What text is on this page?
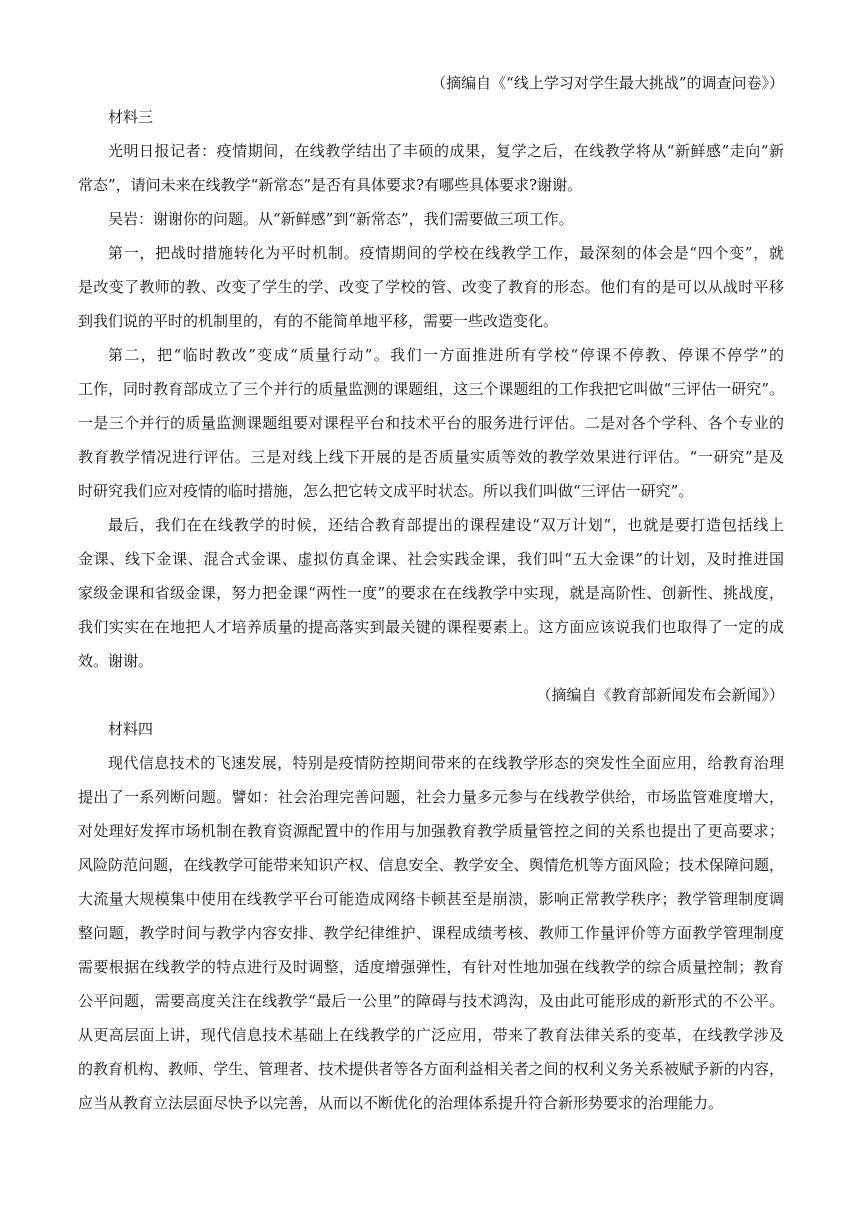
（摘编自《“线上学习对学生最大挑战”的调查问卷》）
材料三
光明日报记者：疫情期间，在线教学结出了丰硕的成果，复学之后，在线教学将从“新鲜感”走向“新
常态”，请问未来在线教学“新常态”是否有具体要求?有哪些具体要求?谢谢。
吴岩：谢谢你的问题。从“新鲜感”到“新常态”，我们需要做三项工作。
第一，把战时措施转化为平时机制。疫情期间的学校在线教学工作，最深刻的体会是“四个变”，就
是改变了教师的教、改变了学生的学、改变了学校的管、改变了教育的形态。他们有的是可以从战时平移
到我们说的平时的机制里的，有的不能简单地平移，需要一些改造变化。
第二，把“临时教改”变成“质量行动”。我们一方面推进所有学校“停课不停教、停课不停学”的
工作，同时教育部成立了三个并行的质量监测的课题组，这三个课题组的工作我把它叫做“三评估一研究”。
一是三个并行的质量监测课题组要对课程平台和技术平台的服务进行评估。二是对各个学科、各个专业的
教育教学情况进行评估。三是对线上线下开展的是否质量实质等效的教学效果进行评估。“一研究”是及
时研究我们应对疫情的临时措施，怎么把它转文成平时状态。所以我们叫做“三评估一研究”。
最后，我们在在线教学的时候，还结合教育部提出的课程建设“双万计划”，也就是要打造包括线上
金课、线下金课、混合式金课、虚拟仿真金课、社会实践金课，我们叫“五大金课”的计划，及时推进国
家级金课和省级金课，努力把金课“两性一度”的要求在在线教学中实现，就是高阶性、创新性、挑战度，
我们实实在在地把人才培养质量的提高落实到最关键的课程要素上。这方面应该说我们也取得了一定的成
效。谢谢。
（摘编自《教育部新闻发布会新闻》）
材料四
现代信息技术的飞速发展，特别是疫情防控期间带来的在线教学形态的突发性全面应用，给教育治理
提出了一系列断问题。譬如：社会治理完善问题，社会力量多元参与在线教学供给，市场监管难度增大，
对处理好发挥市场机制在教育资源配置中的作用与加强教育教学质量管控之间的关系也提出了更高要求；
风险防范问题，在线教学可能带来知识产权、信息安全、教学安全、舆情危机等方面风险；技术保障问题，
大流量大规模集中使用在线教学平台可能造成网络卡顿甚至是崩溃，影响正常教学秩序；教学管理制度调
整问题，教学时间与教学内容安排、教学纪律维护、课程成绩考核、教师工作量评价等方面教学管理制度
需要根据在线教学的特点进行及时调整，适度增强弹性，有针对性地加强在线教学的综合质量控制；教育
公平问题，需要高度关注在线教学“最后一公里”的障碍与技术鸿沟，及由此可能形成的新形式的不公平。
从更高层面上讲，现代信息技术基础上在线教学的广泛应用，带来了教育法律关系的变革，在线教学涉及
的教育机构、教师、学生、管理者、技术提供者等各方面利益相关者之间的权利义务关系被赋予新的内容，
应当从教育立法层面尽快予以完善，从而以不断优化的治理体系提升符合新形势要求的治理能力。
